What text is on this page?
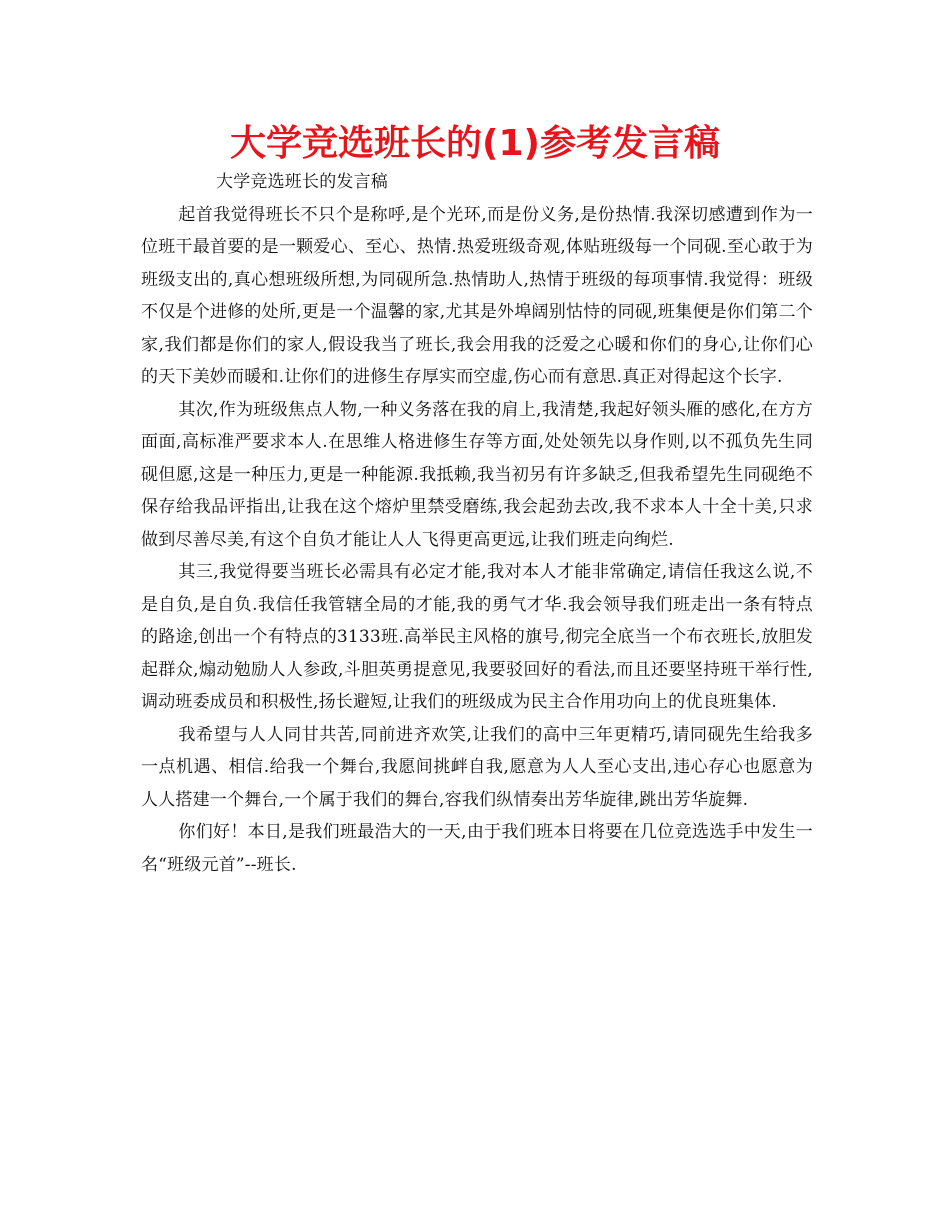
大学竞选班长的(1)参考发言稿

大学竞选班长的发言稿

起首我觉得班长不只个是称呼,是个光环,而是份义务,是份热情.我深切感遭到作为一位班干最首要的是一颗爱心、至心、热情.热爱班级奇观,体贴班级每一个同砚.至心敢于为班级支出的,真心想班级所想,为同砚所急.热情助人,热情于班级的每项事情.我觉得：班级不仅是个进修的处所,更是一个温馨的家,尤其是外埠阔别怙恃的同砚,班集便是你们第二个家,我们都是你们的家人,假设我当了班长,我会用我的泛爱之心暖和你们的身心,让你们心的天下美妙而暖和.让你们的进修生存厚实而空虚,伤心而有意思.真正对得起这个长字.

其次,作为班级焦点人物,一种义务落在我的肩上,我清楚,我起好领头雁的感化,在方方面面,高标准严要求本人.在思维人格进修生存等方面,处处领先以身作则,以不孤负先生同砚但愿,这是一种压力,更是一种能源.我抵赖,我当初另有许多缺乏,但我希望先生同砚绝不保存给我品评指出,让我在这个熔炉里禁受磨练,我会起劲去改,我不求本人十全十美,只求做到尽善尽美,有这个自负才能让人人飞得更高更远,让我们班走向绚烂.

其三,我觉得要当班长必需具有必定才能,我对本人才能非常确定,请信任我这么说,不是自负,是自负.我信任我管辖全局的才能,我的勇气才华.我会领导我们班走出一条有特点的路途,创出一个有特点的3133班.高举民主风格的旗号,彻完全底当一个布衣班长,放胆发起群众,煽动勉励人人参政,斗胆英勇提意见,我要驳回好的看法,而且还要坚持班干举行性,调动班委成员和积极性,扬长避短,让我们的班级成为民主合作用功向上的优良班集体.

我希望与人人同甘共苦,同前进齐欢笑,让我们的高中三年更精巧,请同砚先生给我多一点机遇、相信.给我一个舞台,我愿间挑衅自我,愿意为人人至心支出,违心存心也愿意为人人搭建一个舞台,一个属于我们的舞台,容我们纵情奏出芳华旋律,跳出芳华旋舞.

你们好！本日,是我们班最浩大的一天,由于我们班本日将要在几位竞选选手中发生一名“班级元首”--班长.
